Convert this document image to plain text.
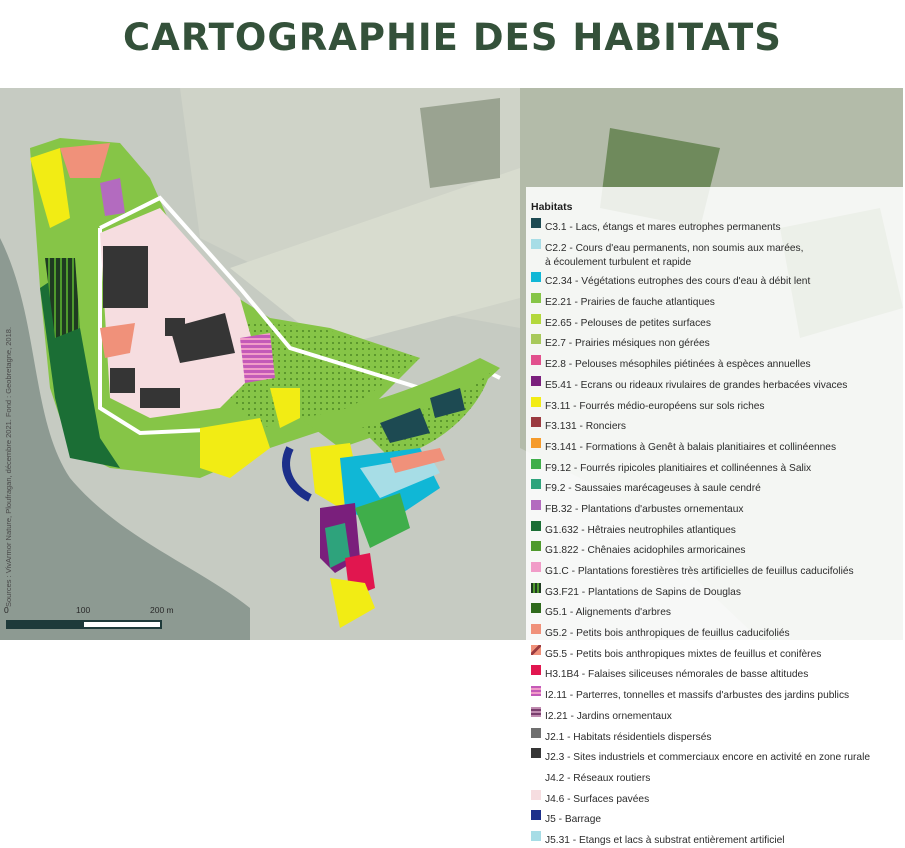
CARTOGRAPHIE DES HABITATS
Habitats
C3.1 - Lacs, étangs et mares eutrophes permanents
C2.2 - Cours d'eau permanents, non soumis aux marées,
à écoulement turbulent et rapide
C2.34 - Végétations eutrophes des cours d'eau à débit lent
E2.21 - Prairies de fauche atlantiques
E2.65 - Pelouses de petites surfaces
E2.7 - Prairies mésiques non gérées
E2.8 - Pelouses mésophiles piétinées à espèces annuelles
E5.41 - Ecrans ou rideaux rivulaires de grandes herbacées vivaces
F3.11 - Fourrés médio-européens sur sols riches
F3.131 - Ronciers
F3.141 - Formations à Genêt à balais planitiaires et collinéennes
F9.12 - Fourrés ripicoles planitiaires et collinéennes à Salix
F9.2 - Saussaies marécageuses à saule cendré
FB.32 - Plantations d'arbustes ornementaux
G1.632 - Hêtraies neutrophiles atlantiques
G1.822 - Chênaies acidophiles armoricaines
G1.C - Plantations forestières très artificielles de feuillus caducifoliés
G3.F21 - Plantations de Sapins de Douglas
G5.1 - Alignements d'arbres
G5.2 - Petits bois anthropiques de feuillus caducifoliés
G5.5 - Petits bois anthropiques mixtes de feuillus et conifères
H3.1B4 - Falaises siliceuses némorales de basse altitudes
I2.11 - Parterres, tonnelles et massifs d'arbustes des jardins publics
I2.21 - Jardins ornementaux
J2.1 - Habitats résidentiels dispersés
J2.3 - Sites industriels et commerciaux encore en activité en zone rurale
J4.2 - Réseaux routiers
J4.6 - Surfaces pavées
J5 - Barrage
J5.31 - Etangs et lacs à substrat entièrement artificiel
Sources : VivArmor Nature, Ploufragan, décembre 2021. Fond : Geobretagne, 2018.
0	100	200 m
